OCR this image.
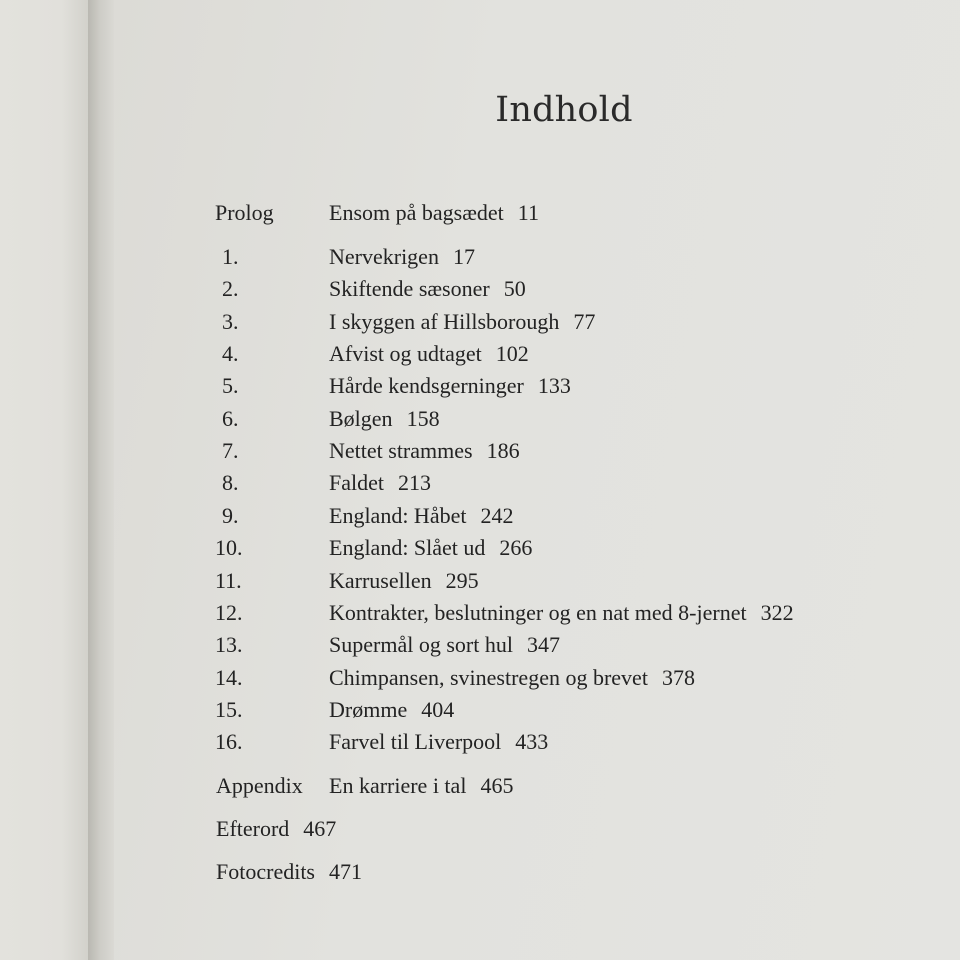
Indhold
Prolog	Ensom på bagsædet 11
1.	Nervekrigen 17
2.	Skiftende sæsoner 50
3.	I skyggen af Hillsborough 77
4.	Afvist og udtaget 102
5.	Hårde kendsgerninger 133
6.	Bølgen 158
7.	Nettet strammes 186
8.	Faldet 213
9.	England: Håbet 242
10.	England: Slået ud 266
11.	Karrusellen 295
12.	Kontrakter, beslutninger og en nat med 8-jernet 322
13.	Supermål og sort hul 347
14.	Chimpansen, svinestregen og brevet 378
15.	Drømme 404
16.	Farvel til Liverpool 433
Appendix En karriere i tal 465
Efterord 467
Fotocredits 471
